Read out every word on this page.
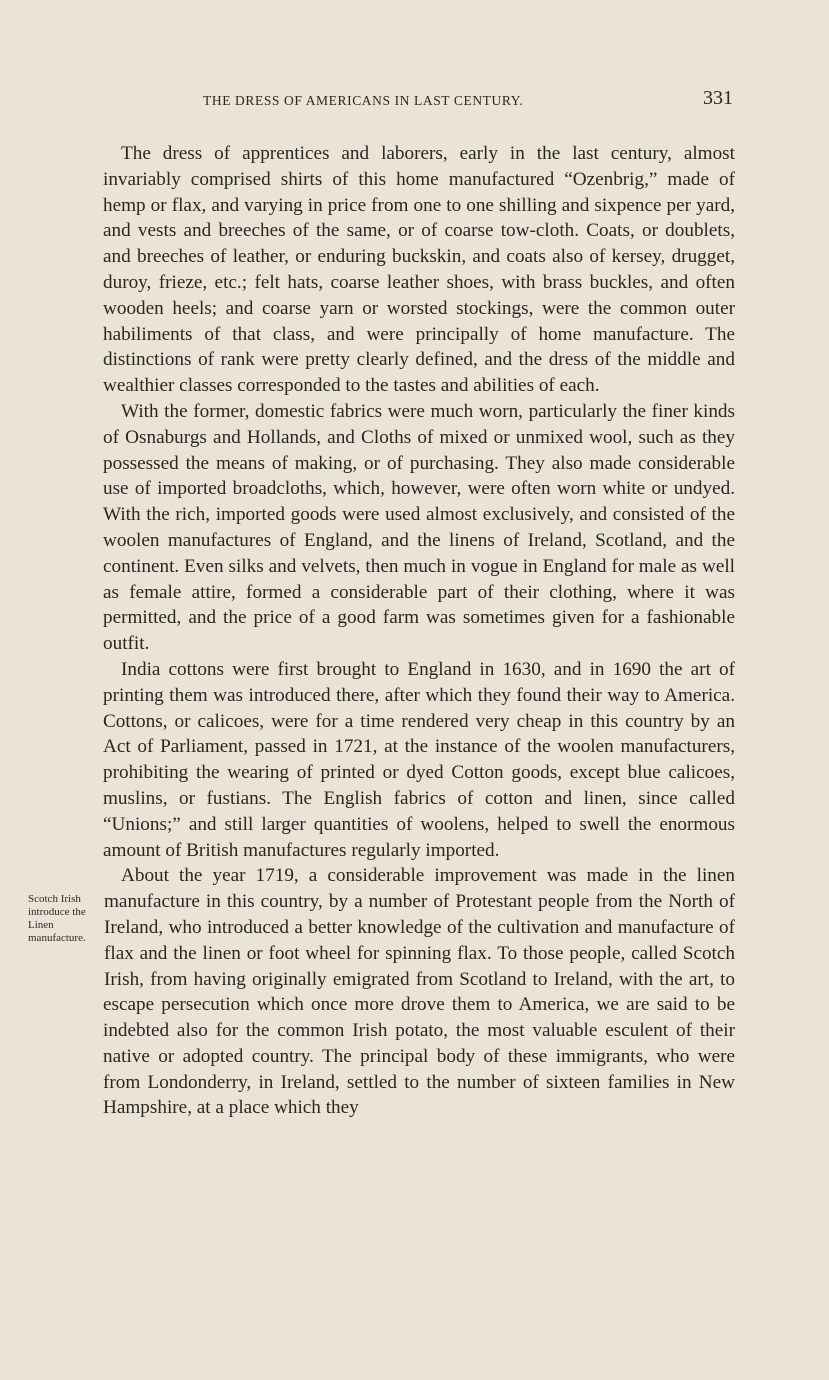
THE DRESS OF AMERICANS IN LAST CENTURY.	331

The dress of apprentices and laborers, early in the last century, almost invariably comprised shirts of this home manufactured “Ozenbrig,” made of hemp or flax, and varying in price from one to one shilling and sixpence per yard, and vests and breeches of the same, or of coarse tow-cloth. Coats, or doublets, and breeches of leather, or enduring buckskin, and coats also of kersey, drugget, duroy, frieze, etc.; felt hats, coarse leather shoes, with brass buckles, and often wooden heels; and coarse yarn or worsted stockings, were the common outer habiliments of that class, and were principally of home manufacture. The distinctions of rank were pretty clearly defined, and the dress of the middle and wealthier classes corresponded to the tastes and abilities of each.

With the former, domestic fabrics were much worn, particularly the finer kinds of Osnaburgs and Hollands, and Cloths of mixed or unmixed wool, such as they possessed the means of making, or of purchasing. They also made considerable use of imported broadcloths, which, however, were often worn white or undyed. With the rich, imported goods were used almost exclusively, and consisted of the woolen manufactures of England, and the linens of Ireland, Scotland, and the continent. Even silks and velvets, then much in vogue in England for male as well as female attire, formed a considerable part of their clothing, where it was permitted, and the price of a good farm was sometimes given for a fashionable outfit.

India cottons were first brought to England in 1630, and in 1690 the art of printing them was introduced there, after which they found their way to America. Cottons, or calicoes, were for a time rendered very cheap in this country by an Act of Parliament, passed in 1721, at the instance of the woolen manufacturers, prohibiting the wearing of printed or dyed Cotton goods, except blue calicoes, muslins, or fustians. The English fabrics of cotton and linen, since called “Unions;” and still larger quantities of woolens, helped to swell the enormous amount of British manufactures regularly imported.

About the year 1719, a considerable improvement was made in the linen manufacture in this country, by a number of Protestant people from
Scotch Irish introduce the Linen manufacture.
the North of Ireland, who introduced a better knowledge of the cultivation and manufacture of flax and the linen or foot wheel for spinning flax. To those people, called Scotch Irish, from having originally emigrated from Scotland to Ireland, with the art, to escape persecution which once more drove them to America, we are said to be indebted also for the common Irish potato, the most valuable esculent of their native or adopted country. The principal body of these immigrants, who were from Londonderry, in Ireland, settled to the number of sixteen families in New Hampshire, at a place which they
